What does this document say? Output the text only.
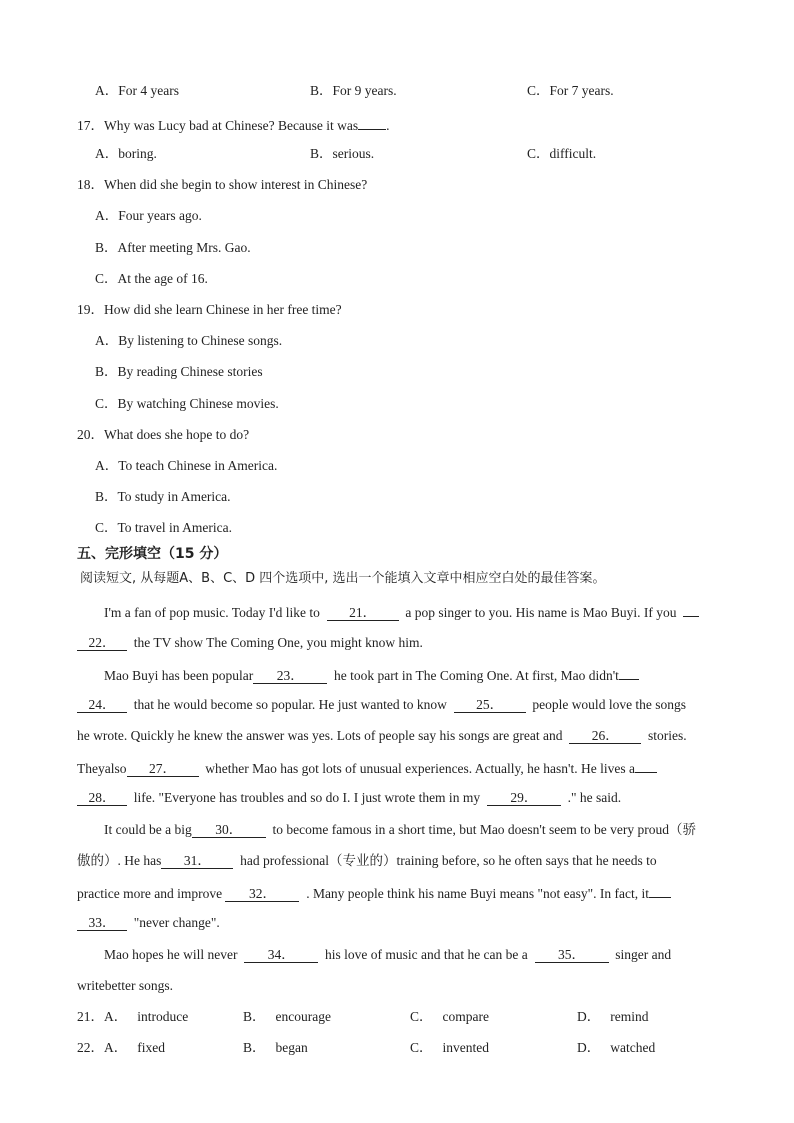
A．For 4 years	B．For 9 years.	C．For 7 years.
17．Why was Lucy bad at Chinese? Because it was .
A．boring.	B．serious.	C．difficult.
18．When did she begin to show interest in Chinese?
A．Four years ago.
B．After meeting Mrs. Gao.
C．At the age of 16.
19．How did she learn Chinese in her free time?
A．By listening to Chinese songs.
B．By reading Chinese stories
C．By watching Chinese movies.
20．What does she hope to do?
A．To teach Chinese in America.
B．To study in America.
C．To travel in America.
五、完形填空（15 分）
阅读短文, 从每题A、B、C、D 四个选项中, 选出一个能填入文章中相应空白处的最佳答案。
I'm a fan of pop music. Today I'd like to 21． a pop singer to you. His name is Mao Buyi. If you
22． the TV show The Coming One, you might know him.
Mao Buyi has been popular 23． he took part in The Coming One. At first, Mao didn't
24． that he would become so popular. He just wanted to know 25． people would love the songs
he wrote. Quickly he knew the answer was yes. Lots of people say his songs are great and 26． stories.
Theyalso 27． whether Mao has got lots of unusual experiences. Actually, he hasn't. He lives a
28． life. "Everyone has troubles and so do I. I just wrote them in my 29． ." he said.
It could be a big 30． to become famous in a short time, but Mao doesn't seem to be very proud（骄
傲的）. He has 31． had professional（专业的）training before, so he often says that he needs to
practice more and improve 32． . Many people think his name Buyi means "not easy". In fact, it
33． "never change".
Mao hopes he will never 34． his love of music and that he can be a 35． singer and
writebetter songs.
21．A． introduce	B． encourage	C． compare	D． remind
22．A． fixed	B． began	C． invented	D． watched
